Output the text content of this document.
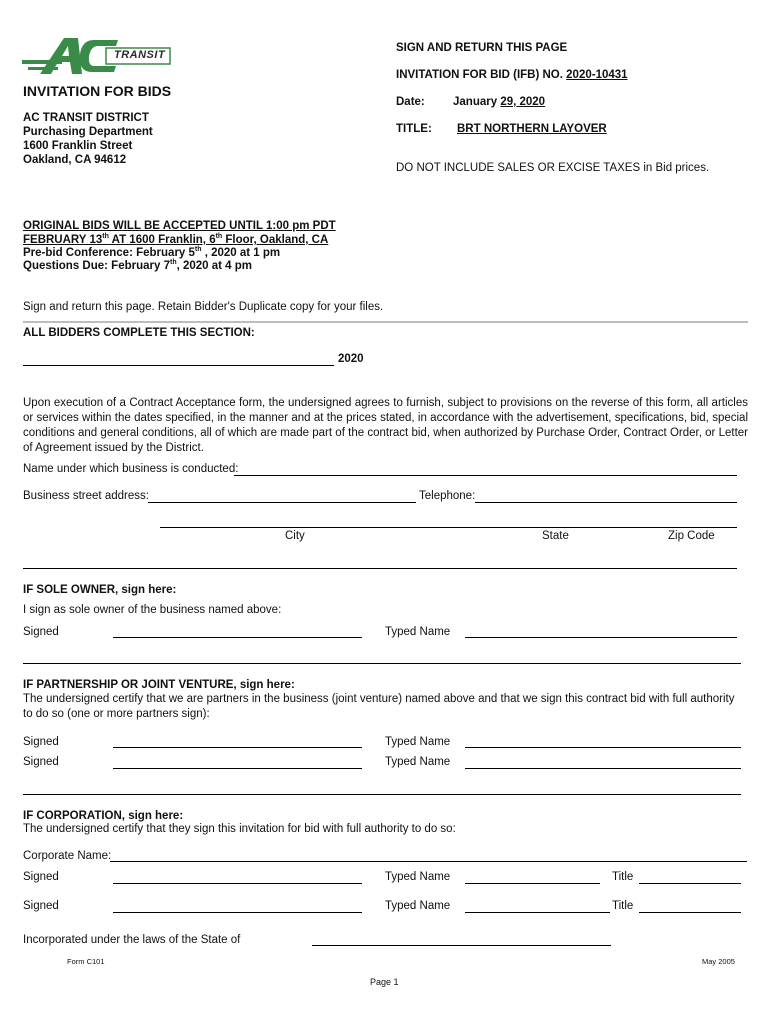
TRANSIT
INVITATION FOR BIDS
AC TRANSIT DISTRICT
Purchasing Department
1600 Franklin Street
Oakland, CA 94612
SIGN AND RETURN THIS PAGE
INVITATION FOR BID (IFB) NO. 2020-10431
Date: January 29, 2020
TITLE: BRT NORTHERN LAYOVER
DO NOT INCLUDE SALES OR EXCISE TAXES in Bid prices.
ORIGINAL BIDS WILL BE ACCEPTED UNTIL 1:00 pm PDT
FEBRUARY 13th AT 1600 Franklin, 6th Floor, Oakland, CA
Pre-bid Conference: February 5th , 2020 at 1 pm
Questions Due: February 7th, 2020 at 4 pm
Sign and return this page. Retain Bidder's Duplicate copy for your files.
ALL BIDDERS COMPLETE THIS SECTION:
2020
Upon execution of a Contract Acceptance form, the undersigned agrees to furnish, subject to provisions on the reverse of this form, all articles or services within the dates specified, in the manner and at the prices stated, in accordance with the advertisement, specifications, bid, special conditions and general conditions, all of which are made part of the contract bid, when authorized by Purchase Order, Contract Order, or Letter of Agreement issued by the District.
Name under which business is conducted:
Business street address:	Telephone:
City	State	Zip Code
IF SOLE OWNER, sign here:
I sign as sole owner of the business named above:
Signed	Typed Name
IF PARTNERSHIP OR JOINT VENTURE, sign here:
The undersigned certify that we are partners in the business (joint venture) named above and that we sign this contract bid with full authority to do so (one or more partners sign):
Signed	Typed Name
Signed	Typed Name
IF CORPORATION, sign here:
The undersigned certify that they sign this invitation for bid with full authority to do so:
Corporate Name:
Signed	Typed Name	Title
Signed	Typed Name	Title
Incorporated under the laws of the State of
Form C101	May 2005
Page 1
